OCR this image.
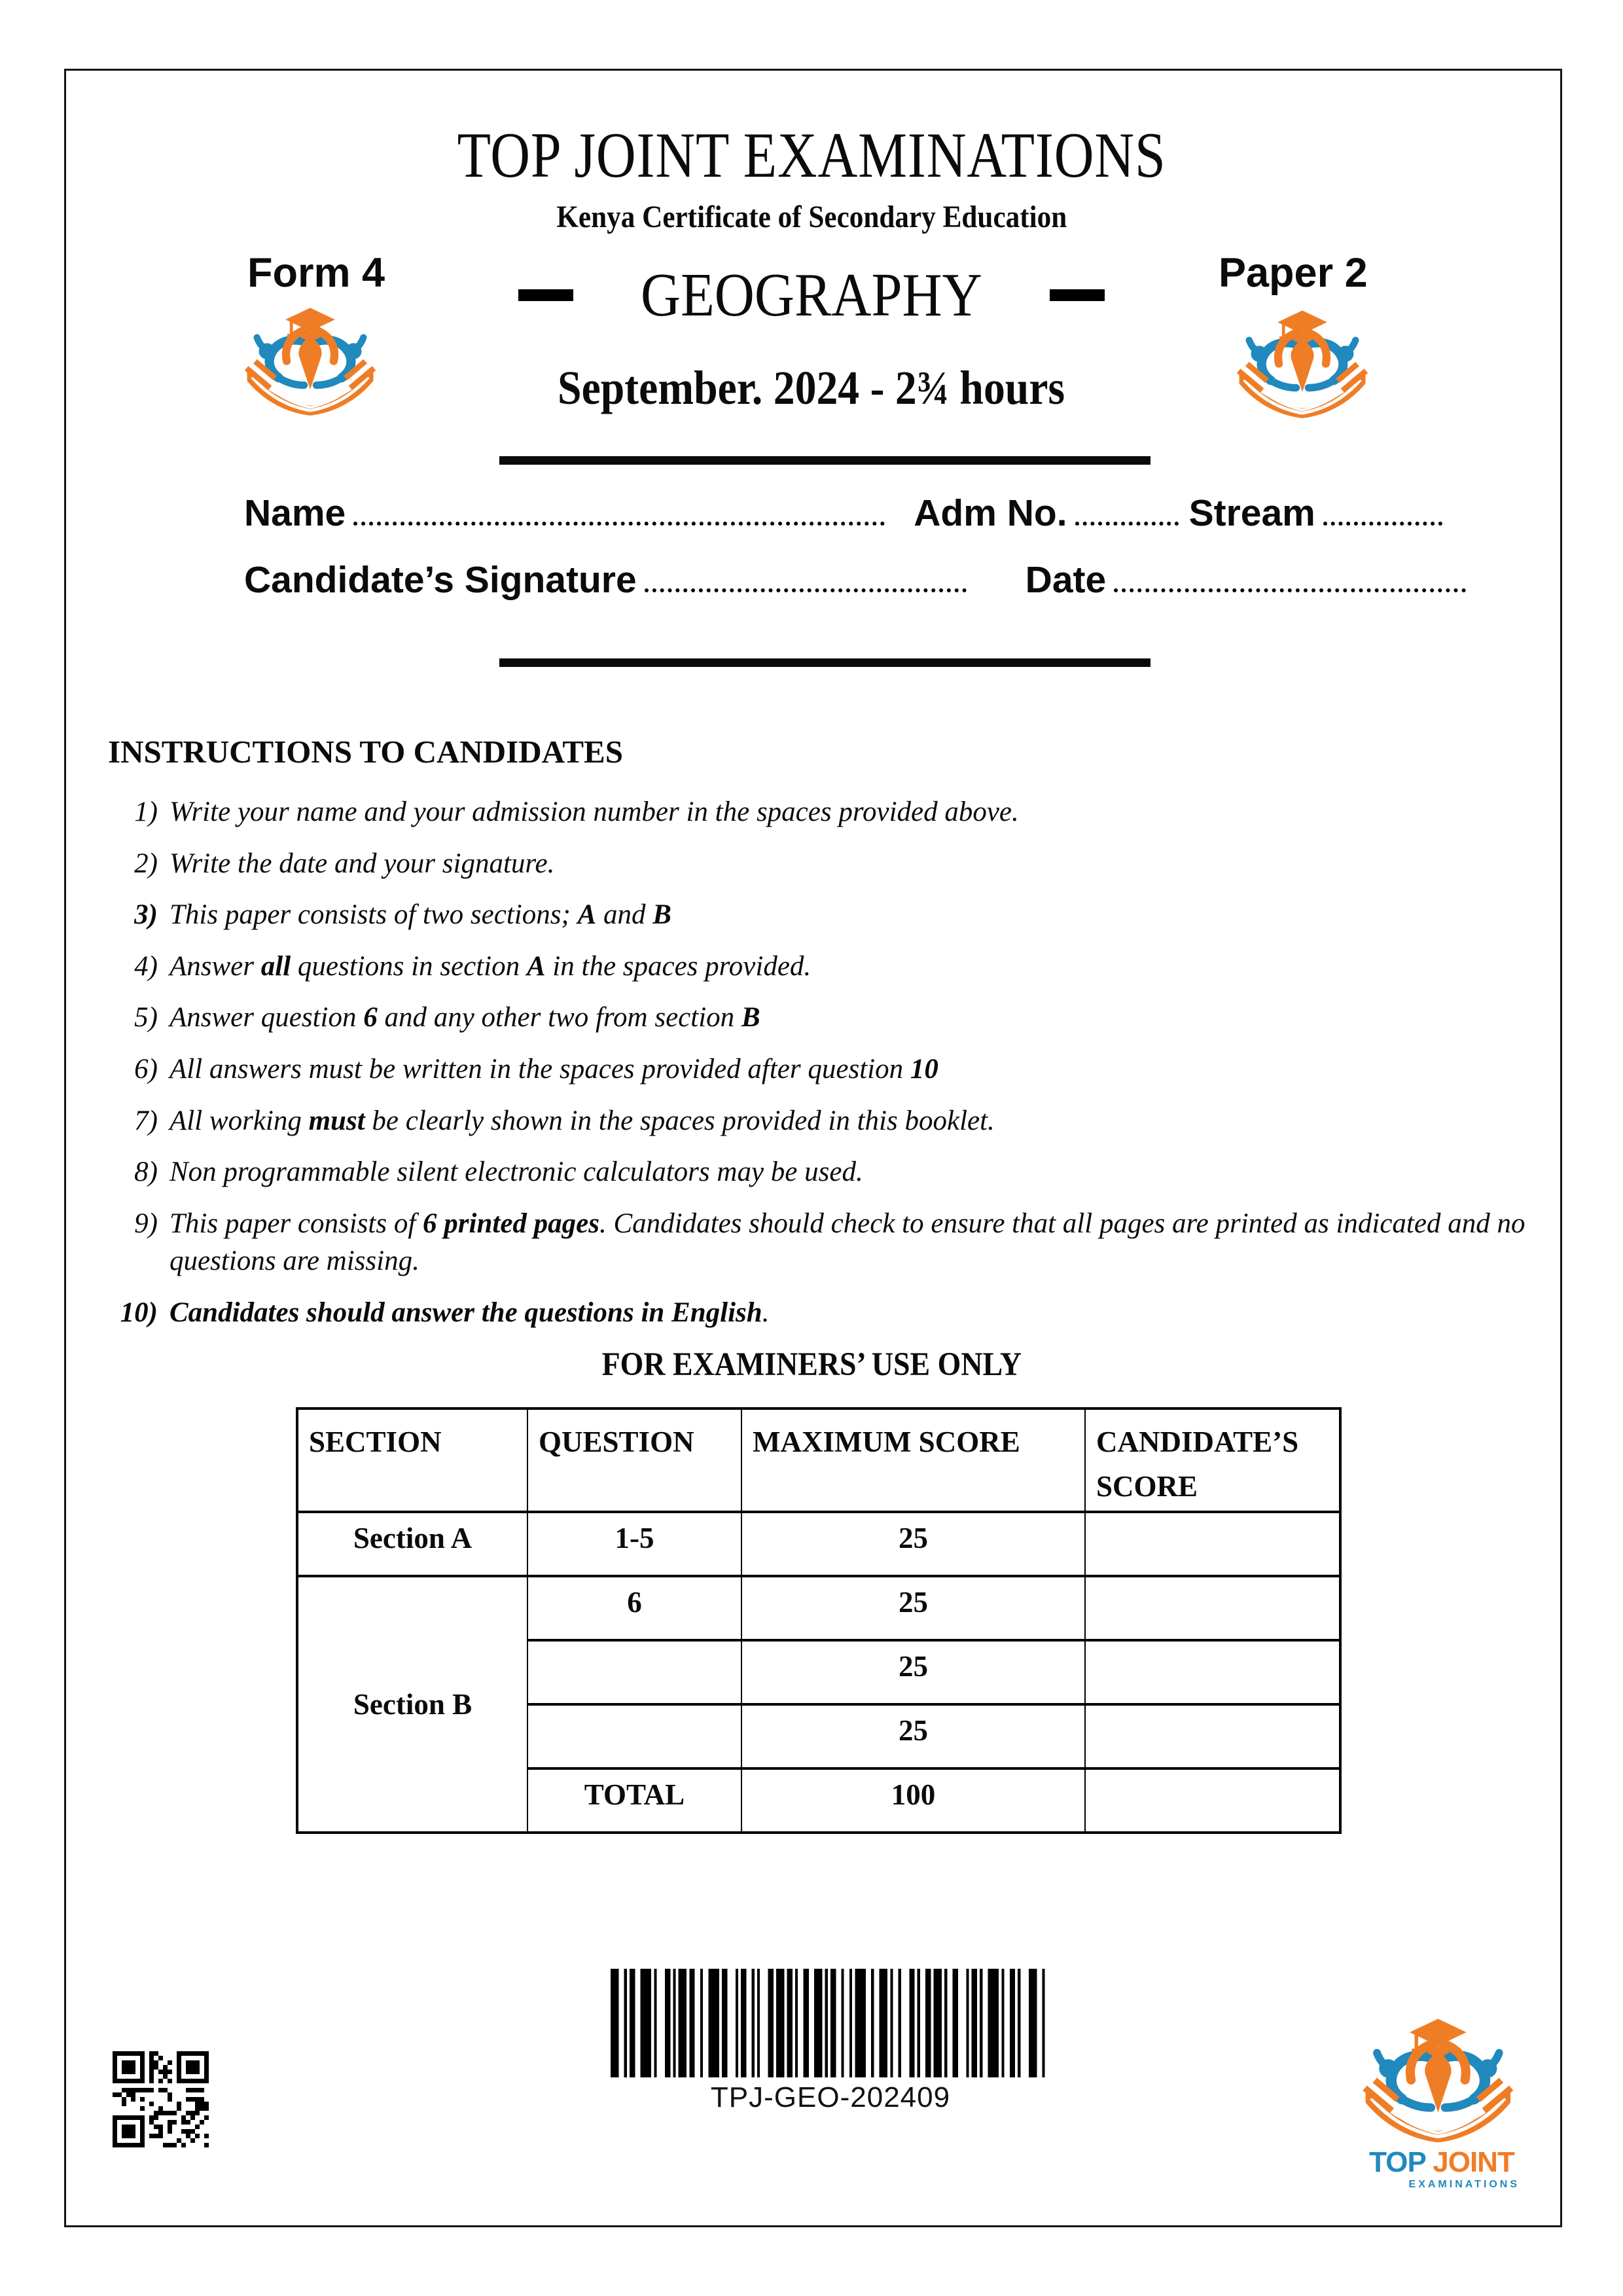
TOP JOINT EXAMINATIONS
Kenya Certificate of Secondary Education
Form 4	Paper 2
GEOGRAPHY
September. 2024 - 2¾ hours
Name	Adm No.	Stream
Candidate’s Signature	Date
INSTRUCTIONS TO CANDIDATES
1) Write your name and your admission number in the spaces provided above.
2) Write the date and your signature.
3) This paper consists of two sections; A and B
4) Answer all questions in section A in the spaces provided.
5) Answer question 6 and any other two from section B
6) All answers must be written in the spaces provided after question 10
7) All working must be clearly shown in the spaces provided in this booklet.
8) Non programmable silent electronic calculators may be used.
9) This paper consists of 6 printed pages. Candidates should check to ensure that all pages are printed as indicated and no questions are missing.
10) Candidates should answer the questions in English.
FOR EXAMINERS’ USE ONLY
SECTION	QUESTION	MAXIMUM SCORE	CANDIDATE’S SCORE
Section A	1-5	25	
Section B	6	25	
		25	
		25	
	TOTAL	100	
TPJ-GEO-202409
TOP JOINT
EXAMINATIONS
